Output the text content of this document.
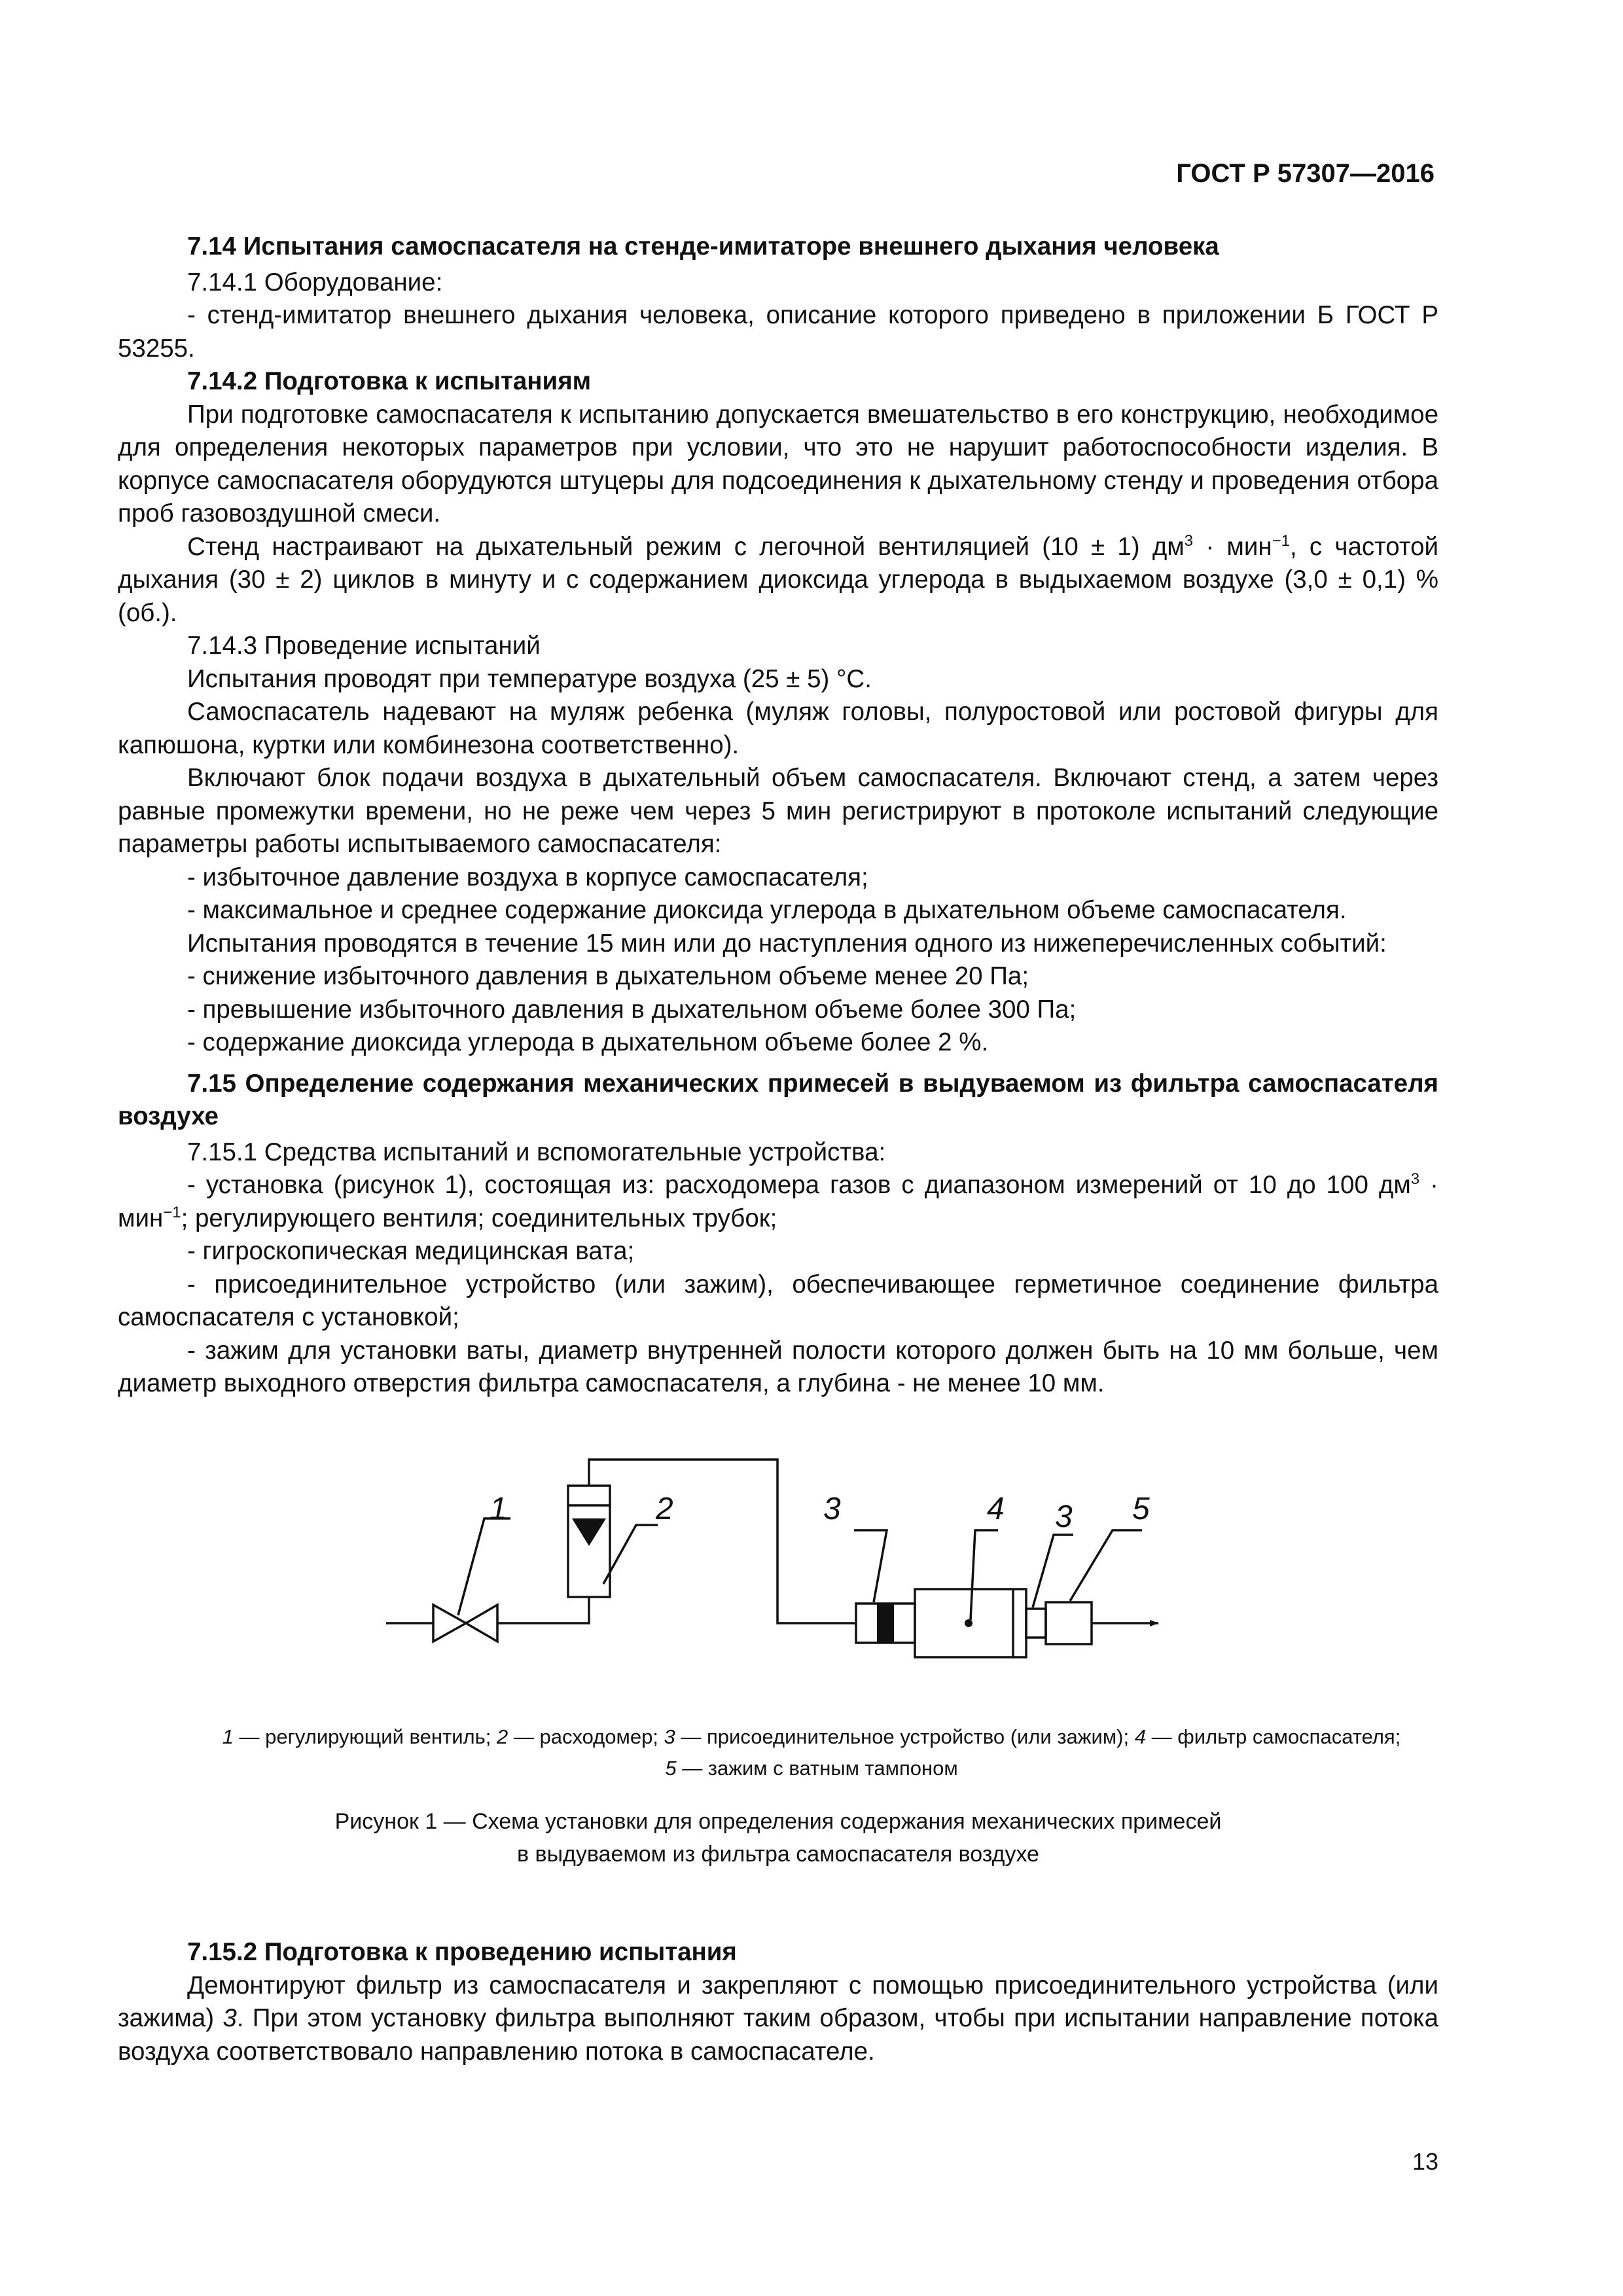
ГОСТ Р 57307—2016

7.14 Испытания самоспасателя на стенде-имитаторе внешнего дыхания человека

7.14.1 Оборудование:

- стенд-имитатор внешнего дыхания человека, описание которого приведено в приложении Б ГОСТ Р 53255.

7.14.2 Подготовка к испытаниям

При подготовке самоспасателя к испытанию допускается вмешательство в его конструкцию, необходимое для определения некоторых параметров при условии, что это не нарушит работоспособности изделия. В корпусе самоспасателя оборудуются штуцеры для подсоединения к дыхательному стенду и проведения отбора проб газовоздушной смеси.

Стенд настраивают на дыхательный режим с легочной вентиляцией (10 ± 1) $дм^3 \cdot мин^{-1}$, с частотой дыхания (30 ± 2) циклов в минуту и с содержанием диоксида углерода в выдыхаемом воздухе (3,0 ± 0,1) % (об.).

7.14.3 Проведение испытаний

Испытания проводят при температуре воздуха (25 ± 5) °С.

Самоспасатель надевают на муляж ребенка (муляж головы, полуростовой или ростовой фигуры для капюшона, куртки или комбинезона соответственно).

Включают блок подачи воздуха в дыхательный объем самоспасателя. Включают стенд, а затем через равные промежутки времени, но не реже чем через 5 мин регистрируют в протоколе испытаний следующие параметры работы испытываемого самоспасателя:

- избыточное давление воздуха в корпусе самоспасателя;

- максимальное и среднее содержание диоксида углерода в дыхательном объеме самоспасателя.

Испытания проводятся в течение 15 мин или до наступления одного из нижеперечисленных событий:

- снижение избыточного давления в дыхательном объеме менее 20 Па;

- превышение избыточного давления в дыхательном объеме более 300 Па;

- содержание диоксида углерода в дыхательном объеме более 2 %.

7.15 Определение содержания механических примесей в выдуваемом из фильтра самоспасателя воздухе

7.15.1 Средства испытаний и вспомогательные устройства:

- установка (рисунок 1), состоящая из: расходомера газов с диапазоном измерений от 10 до 100 $дм^3 \cdot мин^{-1}$; регулирующего вентиля; соединительных трубок;

- гигроскопическая медицинская вата;

- присоединительное устройство (или зажим), обеспечивающее герметичное соединение фильтра самоспасателя с установкой;

- зажим для установки ваты, диаметр внутренней полости которого должен быть на 10 мм больше, чем диаметр выходного отверстия фильтра самоспасателя, а глубина - не менее 10 мм.

1	2	3	4 3 5
1 — регулирующий вентиль; 2 — расходомер; 3 — присоединительное устройство (или зажим); 4 — фильтр самоспасателя;
5 — зажим с ватным тампоном
Рисунок 1 — Схема установки для определения содержания механических примесей
в выдуваемом из фильтра самоспасателя воздухе

7.15.2 Подготовка к проведению испытания

Демонтируют фильтр из самоспасателя и закрепляют с помощью присоединительного устройства (или зажима) 3. При этом установку фильтра выполняют таким образом, чтобы при испытании направление потока воздуха соответствовало направлению потока в самоспасателе.

13
